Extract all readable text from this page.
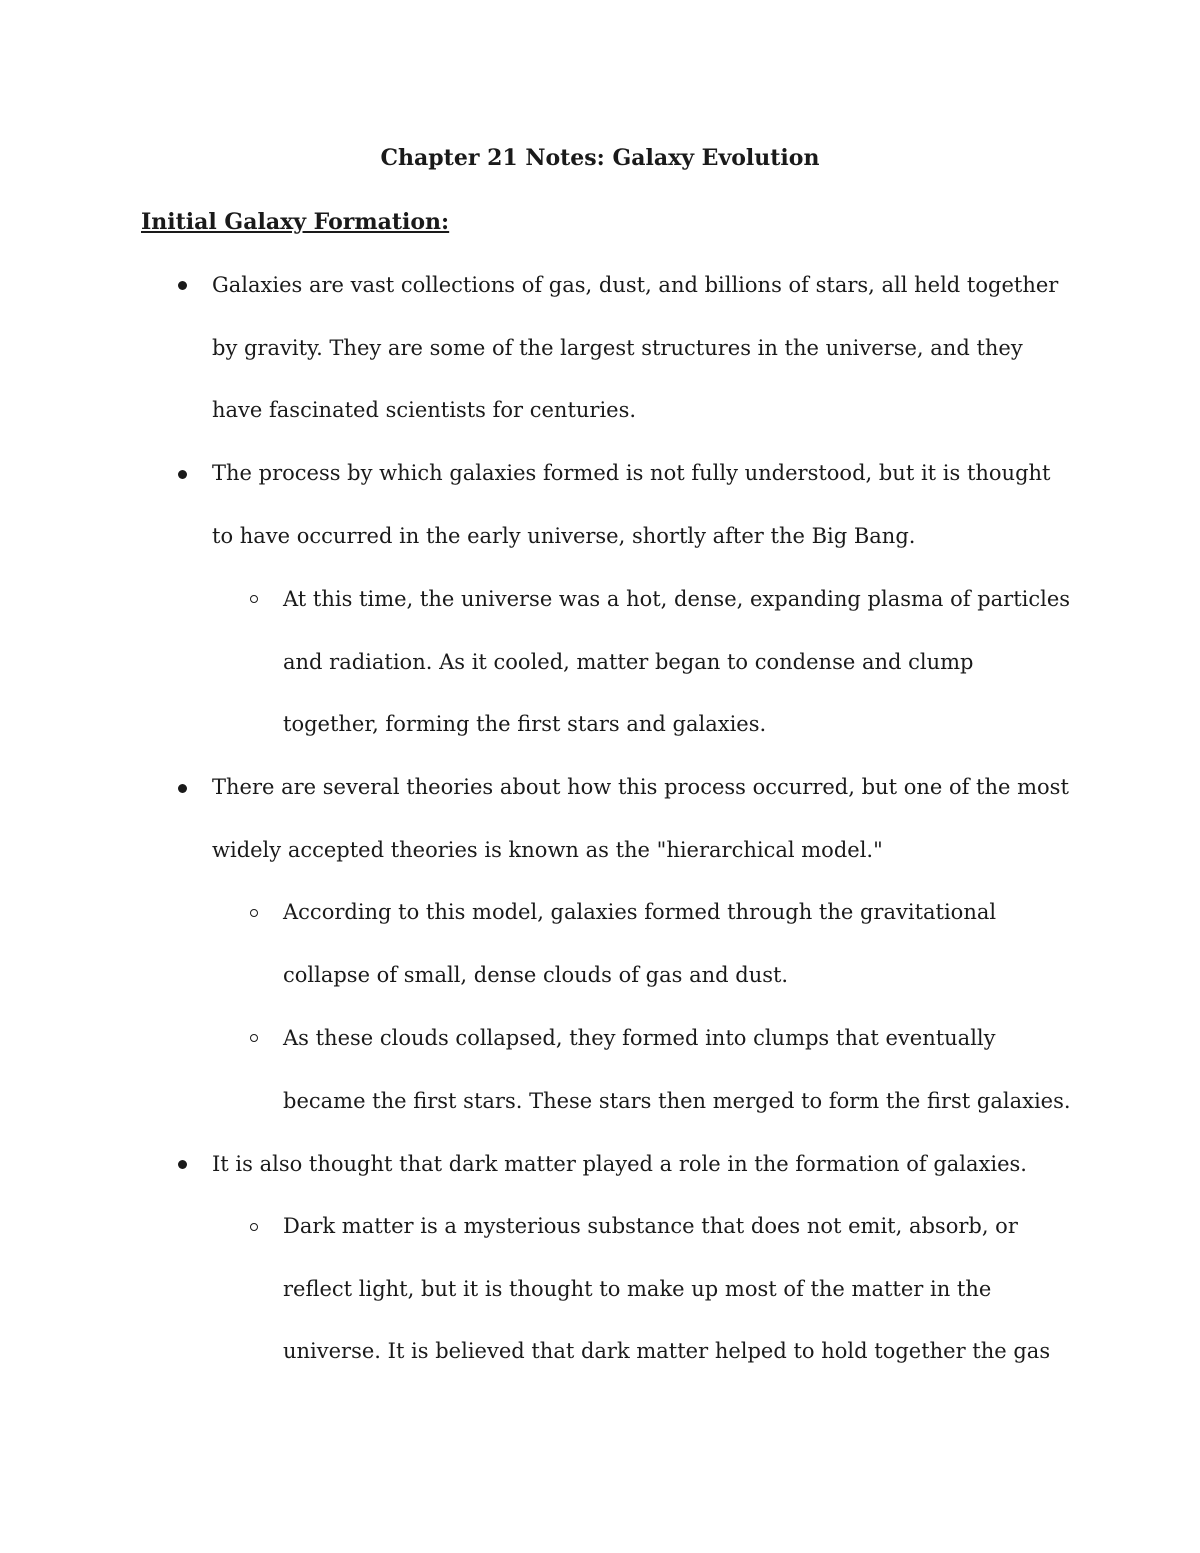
Chapter 21 Notes: Galaxy Evolution
Initial Galaxy Formation:
Galaxies are vast collections of gas, dust, and billions of stars, all held together
by gravity. They are some of the largest structures in the universe, and they
have fascinated scientists for centuries.
The process by which galaxies formed is not fully understood, but it is thought
to have occurred in the early universe, shortly after the Big Bang.
At this time, the universe was a hot, dense, expanding plasma of particles
and radiation. As it cooled, matter began to condense and clump
together, forming the first stars and galaxies.
There are several theories about how this process occurred, but one of the most
widely accepted theories is known as the "hierarchical model."
According to this model, galaxies formed through the gravitational
collapse of small, dense clouds of gas and dust.
As these clouds collapsed, they formed into clumps that eventually
became the first stars. These stars then merged to form the first galaxies.
It is also thought that dark matter played a role in the formation of galaxies.
Dark matter is a mysterious substance that does not emit, absorb, or
reflect light, but it is thought to make up most of the matter in the
universe. It is believed that dark matter helped to hold together the gas
